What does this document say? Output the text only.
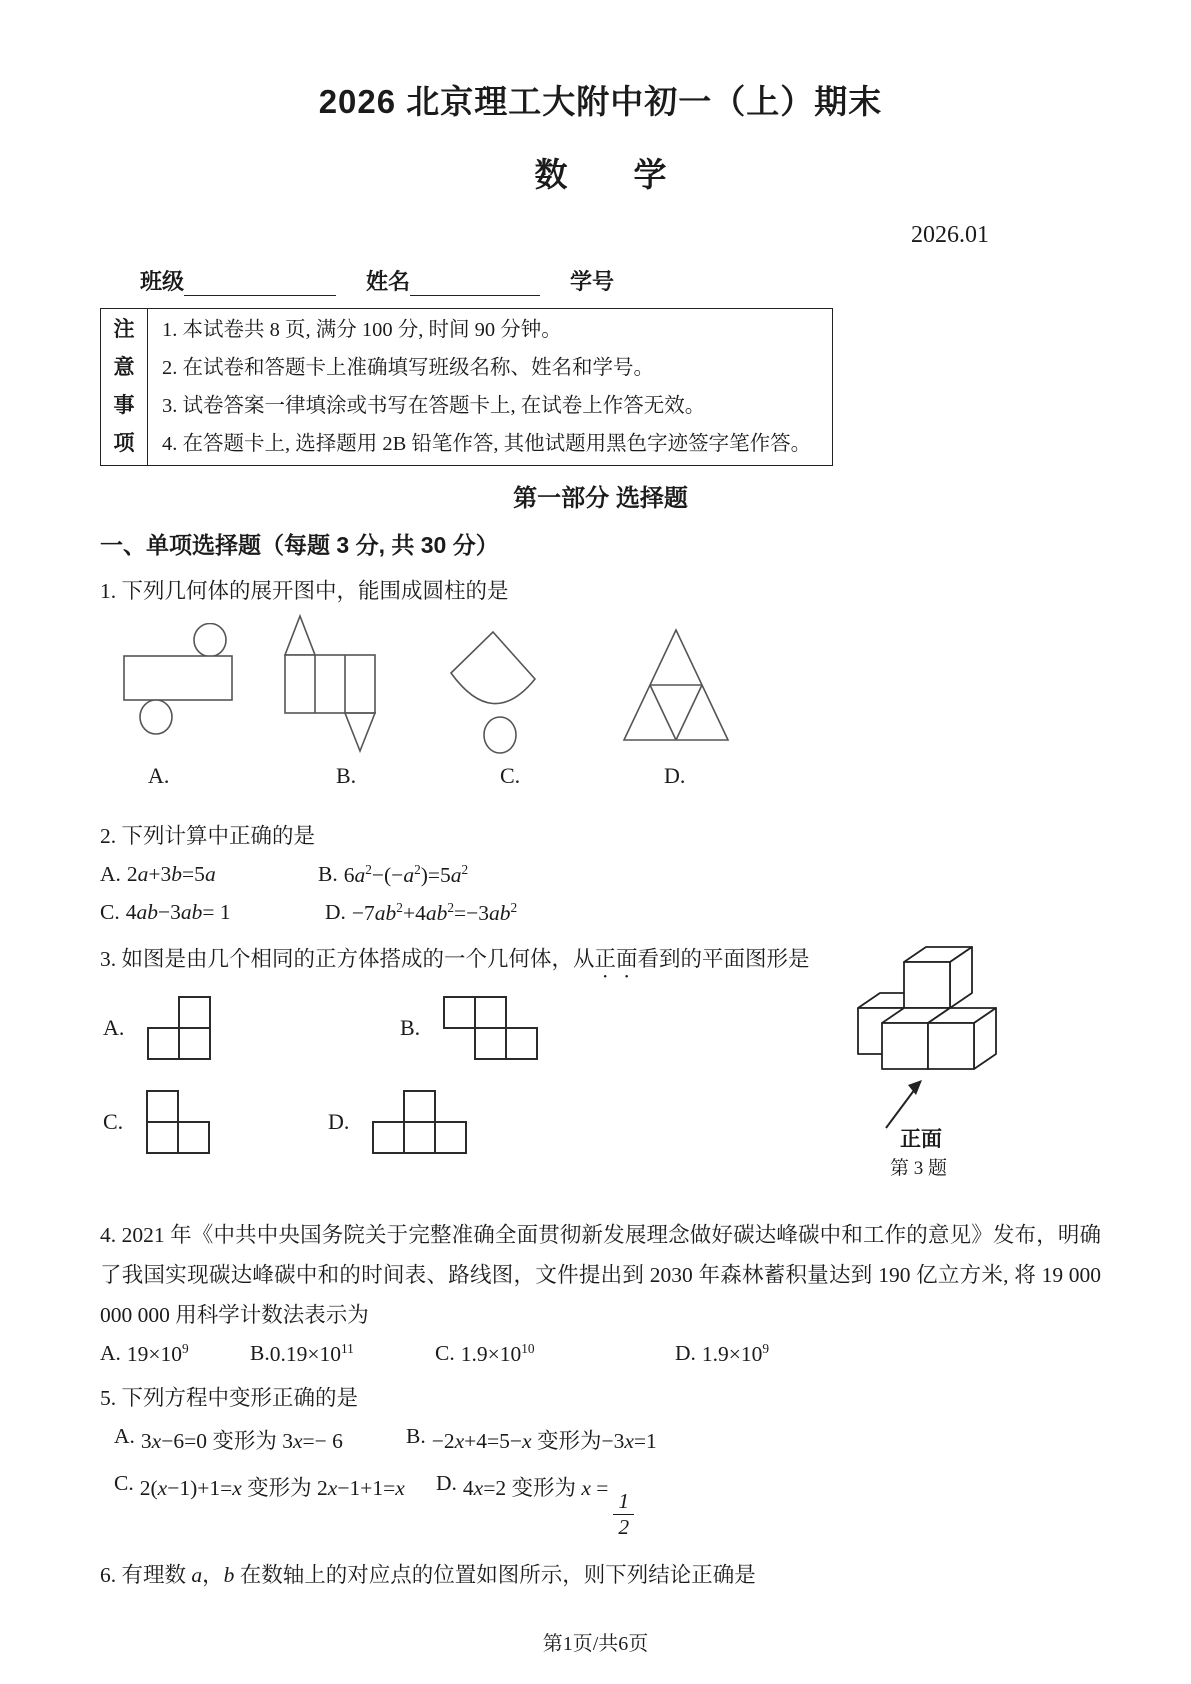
2026 北京理工大附中初一（上）期末
数　　学
2026.01
班级	姓名	学号
注
意
事
项
1. 本试卷共 8 页, 满分 100 分, 时间 90 分钟。
2. 在试卷和答题卡上准确填写班级名称、姓名和学号。
3. 试卷答案一律填涂或书写在答题卡上, 在试卷上作答无效。
4. 在答题卡上, 选择题用 2B 铅笔作答, 其他试题用黑色字迹签字笔作答。
第一部分 选择题
一、单项选择题（每题 3 分, 共 30 分）
1. 下列几何体的展开图中，能围成圆柱的是
A.	B.	C.	D.
2. 下列计算中正确的是
A. 2a+3b=5a	B. $6a^2-(-a^2)=5a^2$
C. 4ab−3ab= 1	D. $-7ab^2+4ab^2=-3ab^2$
3. 如图是由几个相同的正方体搭成的一个几何体，从正面看到的平面图形是
A.	B.
C.	D.
正面
第 3 题
4. 2021 年《中共中央国务院关于完整准确全面贯彻新发展理念做好碳达峰碳中和工作的意见》发布，明确
了我国实现碳达峰碳中和的时间表、路线图，文件提出到 2030 年森林蓄积量达到 190 亿立方米, 将 19 000
000 000 用科学计数法表示为
A. $19\times 10^9$	B. $0.19\times 10^{11}$	C. $1.9\times 10^{10}$	D. $1.9\times 10^9$
5. 下列方程中变形正确的是
A. 3x−6=0 变形为 3x=− 6	B. −2x+4=5−x 变形为−3x=1
C. 2(x−1)+1=x 变形为 2x−1+1=x D. 4x=2 变形为 x =
$\frac{1}{2}$
6. 有理数 a，b 在数轴上的对应点的位置如图所示，则下列结论正确是
第1页/共6页
